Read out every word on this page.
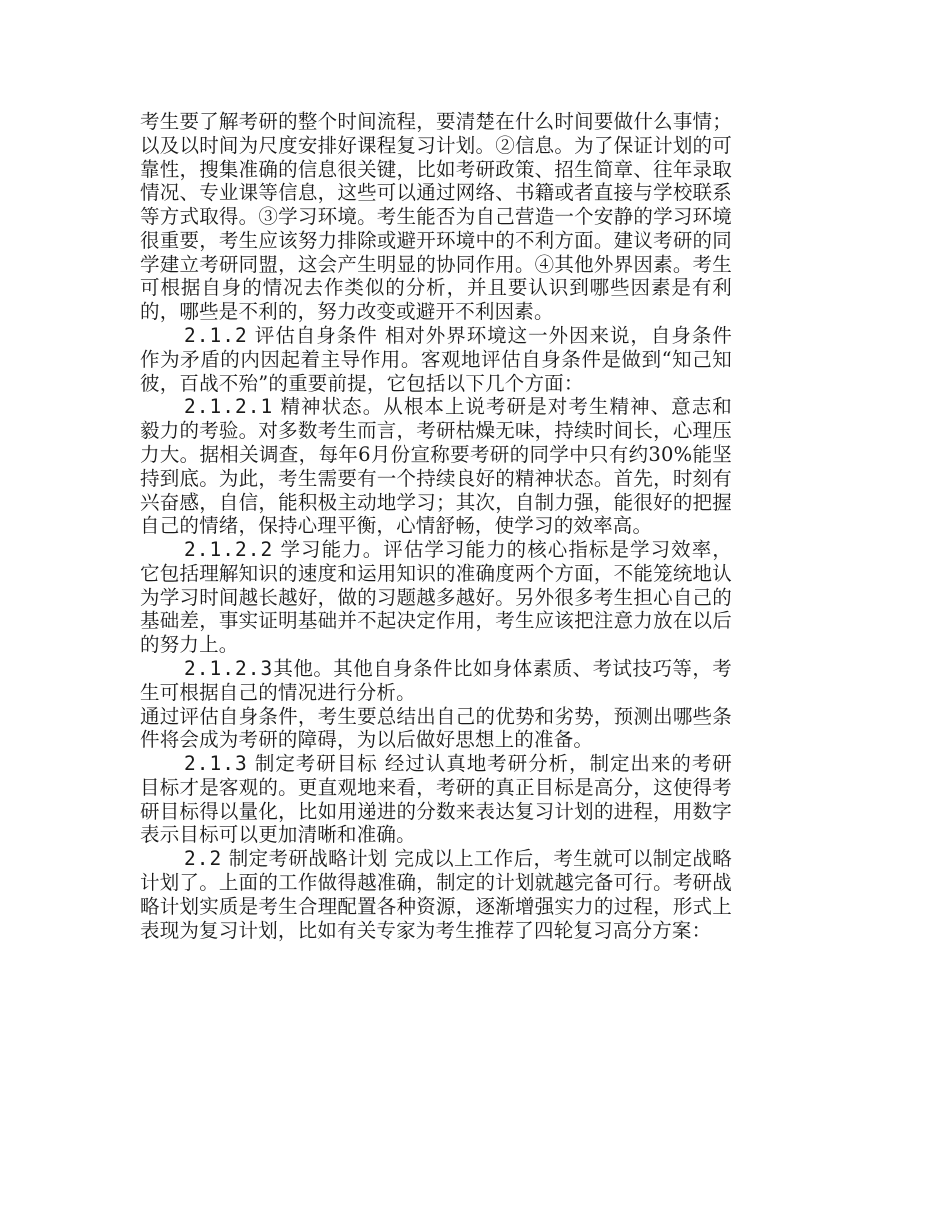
考生要了解考研的整个时间流程，要清楚在什么时间要做什么事情；以及以时间为尺度安排好课程复习计划。②信息。为了保证计划的可靠性，搜集准确的信息很关键，比如考研政策、招生简章、往年录取情况、专业课等信息，这些可以通过网络、书籍或者直接与学校联系等方式取得。③学习环境。考生能否为自己营造一个安静的学习环境很重要，考生应该努力排除或避开环境中的不利方面。建议考研的同学建立考研同盟，这会产生明显的协同作用。④其他外界因素。考生可根据自身的情况去作类似的分析，并且要认识到哪些因素是有利的，哪些是不利的，努力改变或避开不利因素。

2.1.2 评估自身条件 相对外界环境这一外因来说，自身条件作为矛盾的内因起着主导作用。客观地评估自身条件是做到“知己知彼，百战不殆”的重要前提，它包括以下几个方面：

2.1.2.1 精神状态。从根本上说考研是对考生精神、意志和毅力的考验。对多数考生而言，考研枯燥无味，持续时间长，心理压力大。据相关调查，每年6月份宣称要考研的同学中只有约30%能坚持到底。为此，考生需要有一个持续良好的精神状态。首先，时刻有兴奋感，自信，能积极主动地学习；其次，自制力强，能很好的把握自己的情绪，保持心理平衡，心情舒畅，使学习的效率高。

2.1.2.2 学习能力。评估学习能力的核心指标是学习效率，它包括理解知识的速度和运用知识的准确度两个方面，不能笼统地认为学习时间越长越好，做的习题越多越好。另外很多考生担心自己的基础差，事实证明基础并不起决定作用，考生应该把注意力放在以后的努力上。

2.1.2.3其他。其他自身条件比如身体素质、考试技巧等，考生可根据自己的情况进行分析。

通过评估自身条件，考生要总结出自己的优势和劣势，预测出哪些条件将会成为考研的障碍，为以后做好思想上的准备。

2.1.3 制定考研目标 经过认真地考研分析，制定出来的考研目标才是客观的。更直观地来看，考研的真正目标是高分，这使得考研目标得以量化，比如用递进的分数来表达复习计划的进程，用数字表示目标可以更加清晰和准确。

2.2 制定考研战略计划 完成以上工作后，考生就可以制定战略计划了。上面的工作做得越准确，制定的计划就越完备可行。考研战略计划实质是考生合理配置各种资源，逐渐增强实力的过程，形式上表现为复习计划，比如有关专家为考生推荐了四轮复习高分方案：
